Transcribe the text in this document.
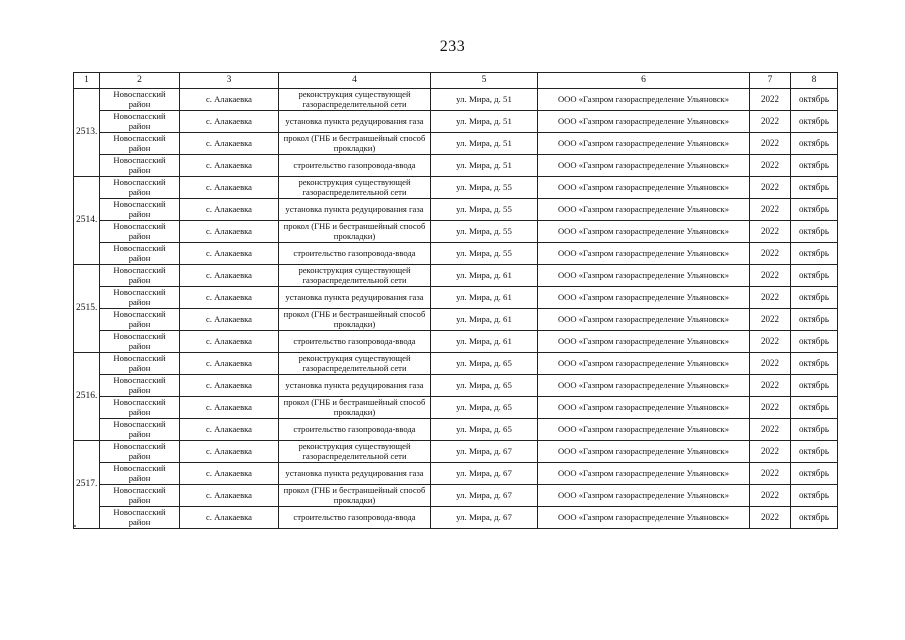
233
1	2	3	4	5	6	7	8
2513.	Новоспасский район	с. Алакаевка	реконструкция существующей газораспределительной сети	ул. Мира, д. 51	ООО «Газпром газораспределение Ульяновск»	2022	октябрь
	Новоспасский район	с. Алакаевка	установка пункта редуцирования газа	ул. Мира, д. 51	ООО «Газпром газораспределение Ульяновск»	2022	октябрь
	Новоспасский район	с. Алакаевка	прокол (ГНБ и бестраншейный способ прокладки)	ул. Мира, д. 51	ООО «Газпром газораспределение Ульяновск»	2022	октябрь
	Новоспасский район	с. Алакаевка	строительство газопровода-ввода	ул. Мира, д. 51	ООО «Газпром газораспределение Ульяновск»	2022	октябрь
2514.	Новоспасский район	с. Алакаевка	реконструкция существующей газораспределительной сети	ул. Мира, д. 55	ООО «Газпром газораспределение Ульяновск»	2022	октябрь
	Новоспасский район	с. Алакаевка	установка пункта редуцирования газа	ул. Мира, д. 55	ООО «Газпром газораспределение Ульяновск»	2022	октябрь
	Новоспасский район	с. Алакаевка	прокол (ГНБ и бестраншейный способ прокладки)	ул. Мира, д. 55	ООО «Газпром газораспределение Ульяновск»	2022	октябрь
	Новоспасский район	с. Алакаевка	строительство газопровода-ввода	ул. Мира, д. 55	ООО «Газпром газораспределение Ульяновск»	2022	октябрь
2515.	Новоспасский район	с. Алакаевка	реконструкция существующей газораспределительной сети	ул. Мира, д. 61	ООО «Газпром газораспределение Ульяновск»	2022	октябрь
	Новоспасский район	с. Алакаевка	установка пункта редуцирования газа	ул. Мира, д. 61	ООО «Газпром газораспределение Ульяновск»	2022	октябрь
	Новоспасский район	с. Алакаевка	прокол (ГНБ и бестраншейный способ прокладки)	ул. Мира, д. 61	ООО «Газпром газораспределение Ульяновск»	2022	октябрь
	Новоспасский район	с. Алакаевка	строительство газопровода-ввода	ул. Мира, д. 61	ООО «Газпром газораспределение Ульяновск»	2022	октябрь
2516.	Новоспасский район	с. Алакаевка	реконструкция существующей газораспределительной сети	ул. Мира, д. 65	ООО «Газпром газораспределение Ульяновск»	2022	октябрь
	Новоспасский район	с. Алакаевка	установка пункта редуцирования газа	ул. Мира, д. 65	ООО «Газпром газораспределение Ульяновск»	2022	октябрь
	Новоспасский район	с. Алакаевка	прокол (ГНБ и бестраншейный способ прокладки)	ул. Мира, д. 65	ООО «Газпром газораспределение Ульяновск»	2022	октябрь
	Новоспасский район	с. Алакаевка	строительство газопровода-ввода	ул. Мира, д. 65	ООО «Газпром газораспределение Ульяновск»	2022	октябрь
2517.	Новоспасский район	с. Алакаевка	реконструкция существующей газораспределительной сети	ул. Мира, д. 67	ООО «Газпром газораспределение Ульяновск»	2022	октябрь
	Новоспасский район	с. Алакаевка	установка пункта редуцирования газа	ул. Мира, д. 67	ООО «Газпром газораспределение Ульяновск»	2022	октябрь
	Новоспасский район	с. Алакаевка	прокол (ГНБ и бестраншейный способ прокладки)	ул. Мира, д. 67	ООО «Газпром газораспределение Ульяновск»	2022	октябрь
	Новоспасский район	с. Алакаевка	строительство газопровода-ввода	ул. Мира, д. 67	ООО «Газпром газораспределение Ульяновск»	2022	октябрь
